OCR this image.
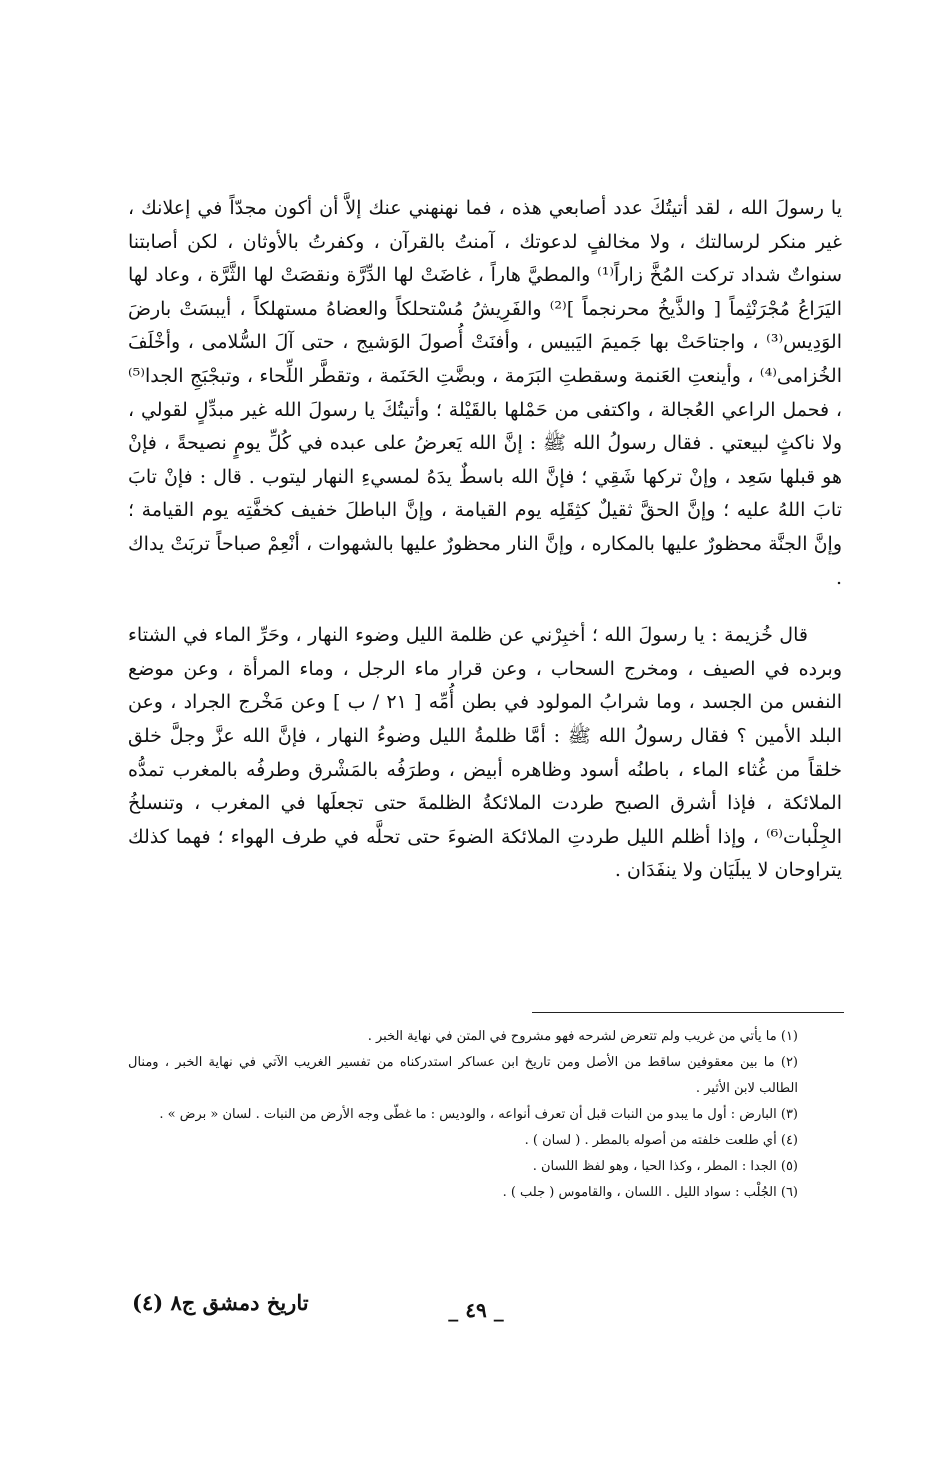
يا رسولَ الله ، لقد أتيتُكَ عدد أصابعي هذه ، فما نهنهني عنك إلاَّ أن أكون مجدّاً في إعلانك ، غير منكر لرسالتك ، ولا مخالفٍ لدعوتك ، آمنتُ بالقرآن ، وكفرتُ بالأوثان ، لكن أصابتنا سنواتٌ شداد تركت المُخَّ زاراً⁽¹⁾ والمطيَّ هاراً ، غاضَتْ لها الدِّرَّة ونقصَتْ لها الثَّرَّة ، وعاد لها اليَرَاعُ مُجْرَنْثِماً [ والذَّيخُ محرنجماً ]⁽²⁾ والفَرِيشُ مُسْتحلكاً والعضاهُ مستهلكاً ، أيبسَتْ بارضَ الوَدِيس⁽³⁾ ، واجتاحَتْ بها جَميمَ اليَبيس ، وأفنَتْ أُصولَ الوَشيج ، حتى آلَ السُّلامى ، وأخْلَفَ الخُزامى⁽⁴⁾ ، وأينعتِ العَنمة وسقطتِ البَرَمة ، وبضَّتِ الحَنَمة ، وتقطَّر اللِّحاء ، وتبجْبَجِ الجدا⁽⁵⁾ ، فحمل الراعي العُجالة ، واكتفى من حَمْلها بالقَيْلة ؛ وأتيتُكَ يا رسولَ الله غير مبدِّلٍ لقولي ، ولا ناكثٍ لبيعتي . فقال رسولُ الله ﷺ : إنَّ الله يَعرضُ على عبده في كُلِّ يومٍ نصيحةً ، فإنْ هو قبلها سَعِد ، وإنْ تركها شَقِي ؛ فإنَّ الله باسطٌ يدَهُ لمسيءِ النهار ليتوب . قال : فإنْ تابَ تابَ اللهُ عليه ؛ وإنَّ الحقَّ ثقيلٌ كثِقَلِه يوم القيامة ، وإنَّ الباطلَ خفيف كخفَّتِه يوم القيامة ؛ وإنَّ الجنَّة محظورٌ عليها بالمكاره ، وإنَّ النار محظورٌ عليها بالشهوات ، أنْعِمْ صباحاً تربَتْ يداك .

قال خُزيمة : يا رسولَ الله ؛ أخبِرْني عن ظلمة الليل وضوء النهار ، وحَرِّ الماء في الشتاء وبرده في الصيف ، ومخرج السحاب ، وعن قرار ماء الرجل ، وماء المرأة ، وعن موضع النفس من الجسد ، وما شرابُ المولود في بطن أُمِّه [ ٢١ / ب ] وعن مَخْرج الجراد ، وعن البلد الأمين ؟ فقال رسولُ الله ﷺ : أمَّا ظلمةُ الليل وضوءُ النهار ، فإنَّ الله عزَّ وجلَّ خلق خلقاً من غُثاء الماء ، باطنُه أسود وظاهره أبيض ، وطرَفُه بالمَشْرق وطرفُه بالمغرب تمدُّه الملائكة ، فإذا أشرق الصبح طردت الملائكةُ الظلمةَ حتى تجعلَها في المغرب ، وتنسلخُ الجِلْبات⁽⁶⁾ ، وإذا أظلم الليل طردتِ الملائكة الضوءَ حتى تحلَّه في طرف الهواء ؛ فهما كذلك يتراوحان لا يبلَيَان ولا ينفَدَان .

(١) ما يأتي من غريب ولم تتعرض لشرحه فهو مشروح في المتن في نهاية الخبر .

(٢) ما بين معقوفين ساقط من الأصل ومن تاريخ ابن عساكر استدركناه من تفسير الغريب الآتي في نهاية الخبر ، ومنال الطالب لابن الأثير .

(٣) البارض : أول ما يبدو من النبات قبل أن تعرف أنواعه ، والوديس : ما غطّى وجه الأرض من النبات . لسان « برض » .

(٤) أي طلعت خلفته من أصوله بالمطر . ( لسان ) .

(٥) الجدا : المطر ، وكذا الحيا ، وهو لفظ اللسان .

(٦) الجُلْب : سواد الليل . اللسان ، والقاموس ( جلب ) .

_ ٤٩ _
تاريخ دمشق ج٨ (٤)
